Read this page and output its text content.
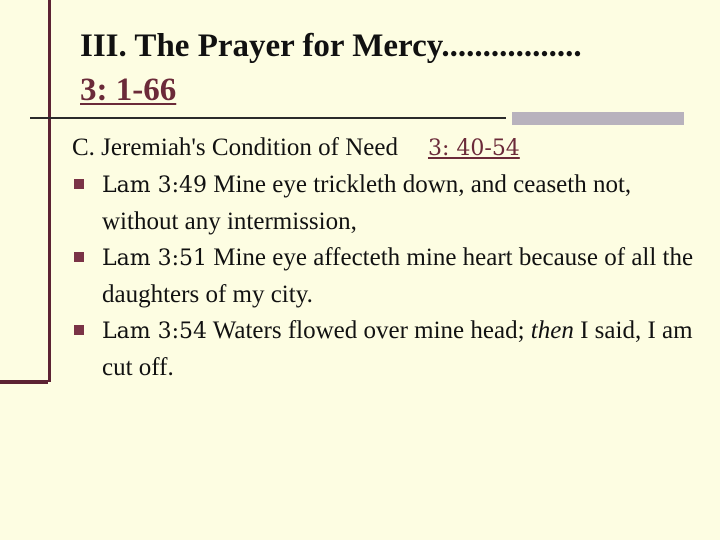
III. The Prayer for Mercy.................
3: 1-66

C. Jeremiah's Condition of Need 3: 40-54

Lam 3:49 Mine eye trickleth down, and ceaseth not, without any intermission,

Lam 3:51 Mine eye affecteth mine heart because of all the daughters of my city.

Lam 3:54 Waters flowed over mine head; then I said, I am cut off.
